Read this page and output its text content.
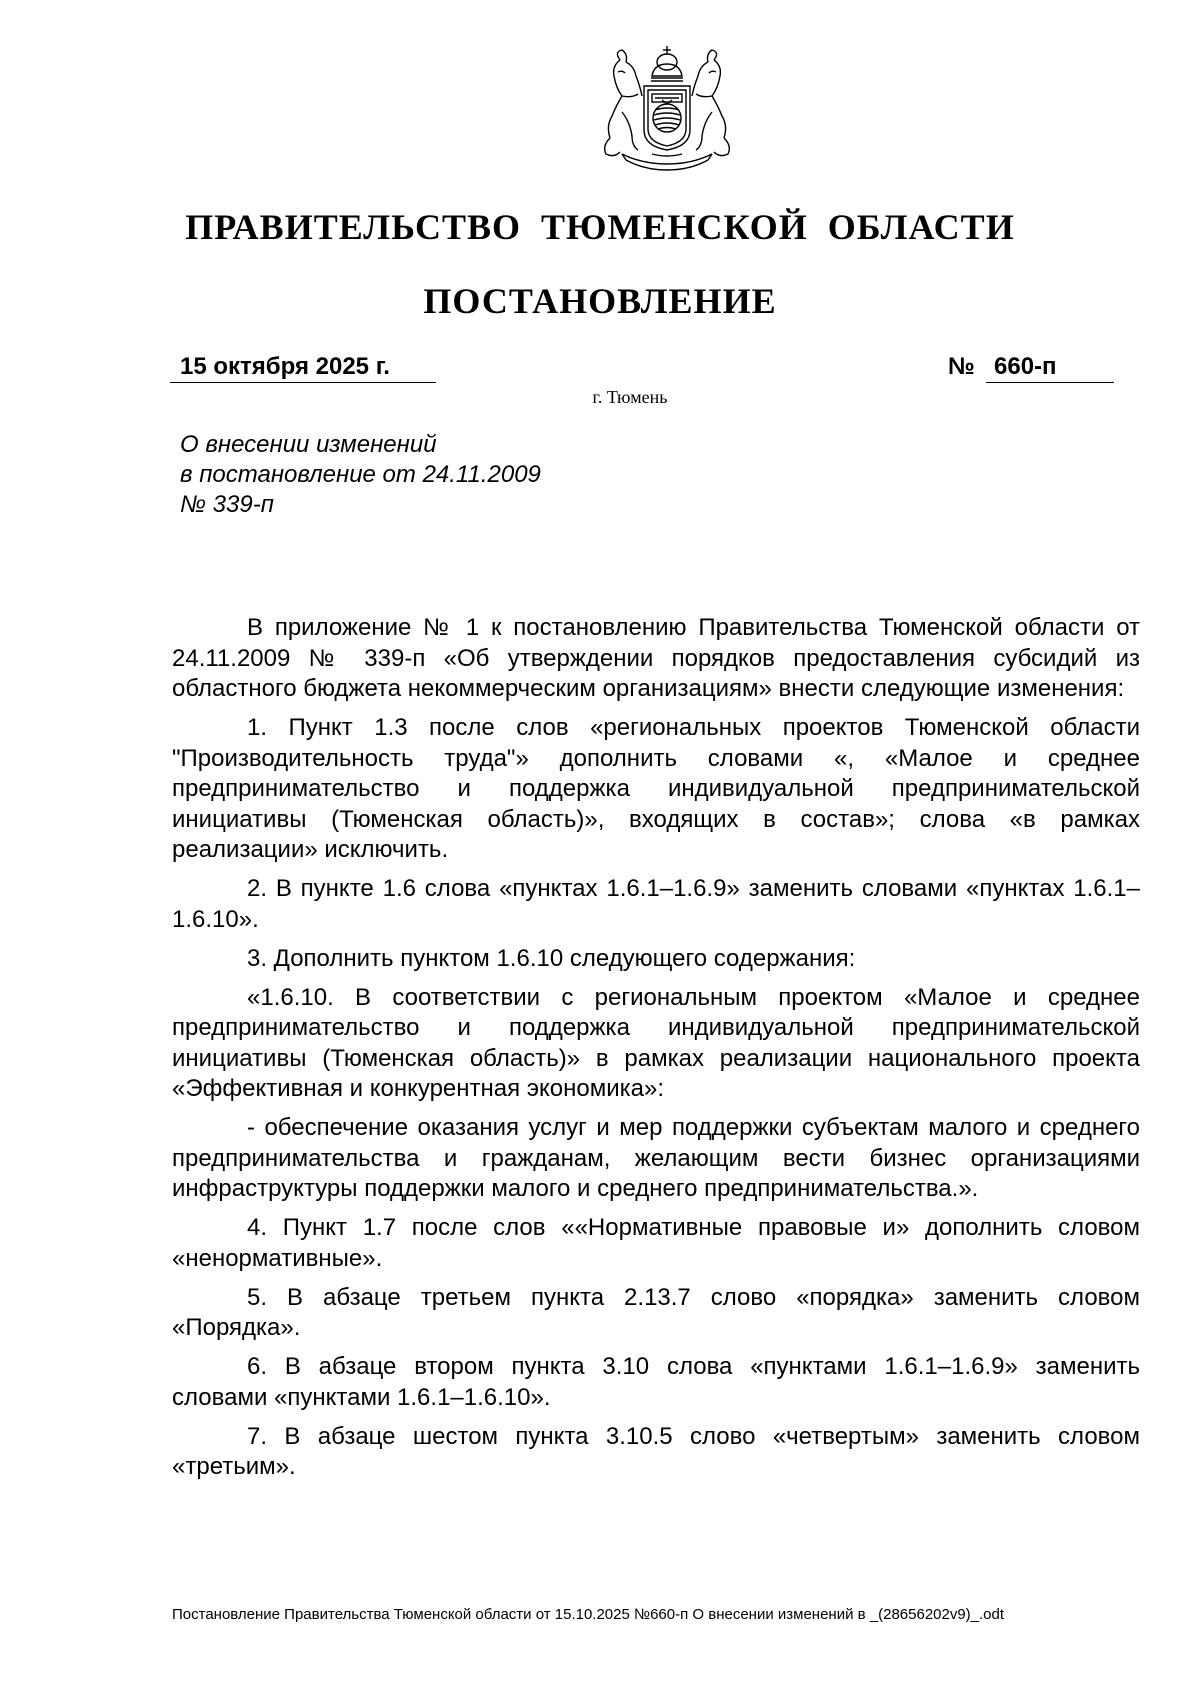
ПРАВИТЕЛЬСТВО ТЮМЕНСКОЙ ОБЛАСТИ
ПОСТАНОВЛЕНИЕ
15 октября 2025 г.	№ 660-п
г. Тюмень
О внесении изменений
в постановление от 24.11.2009
№ 339-п

В приложение № 1 к постановлению Правительства Тюменской области от 24.11.2009 № 339-п «Об утверждении порядков предоставления субсидий из областного бюджета некоммерческим организациям» внести следующие изменения:

1. Пункт 1.3 после слов «региональных проектов Тюменской области "Производительность труда"» дополнить словами «, «Малое и среднее предпринимательство и поддержка индивидуальной предпринимательской инициативы (Тюменская область)», входящих в состав»; слова «в рамках реализации» исключить.

2. В пункте 1.6 слова «пунктах 1.6.1–1.6.9» заменить словами «пунктах 1.6.1–1.6.10».

3. Дополнить пунктом 1.6.10 следующего содержания:

«1.6.10. В соответствии с региональным проектом «Малое и среднее предпринимательство и поддержка индивидуальной предпринимательской инициативы (Тюменская область)» в рамках реализации национального проекта «Эффективная и конкурентная экономика»:

- обеспечение оказания услуг и мер поддержки субъектам малого и среднего предпринимательства и гражданам, желающим вести бизнес организациями инфраструктуры поддержки малого и среднего предпринимательства.».

4. Пункт 1.7 после слов ««Нормативные правовые и» дополнить словом «ненормативные».

5. В абзаце третьем пункта 2.13.7 слово «порядка» заменить словом «Порядка».

6. В абзаце втором пункта 3.10 слова «пунктами 1.6.1–1.6.9» заменить словами «пунктами 1.6.1–1.6.10».

7. В абзаце шестом пункта 3.10.5 слово «четвертым» заменить словом «третьим».

Постановление Правительства Тюменской области от 15.10.2025 №660-п О внесении изменений в _(28656202v9)_.odt
